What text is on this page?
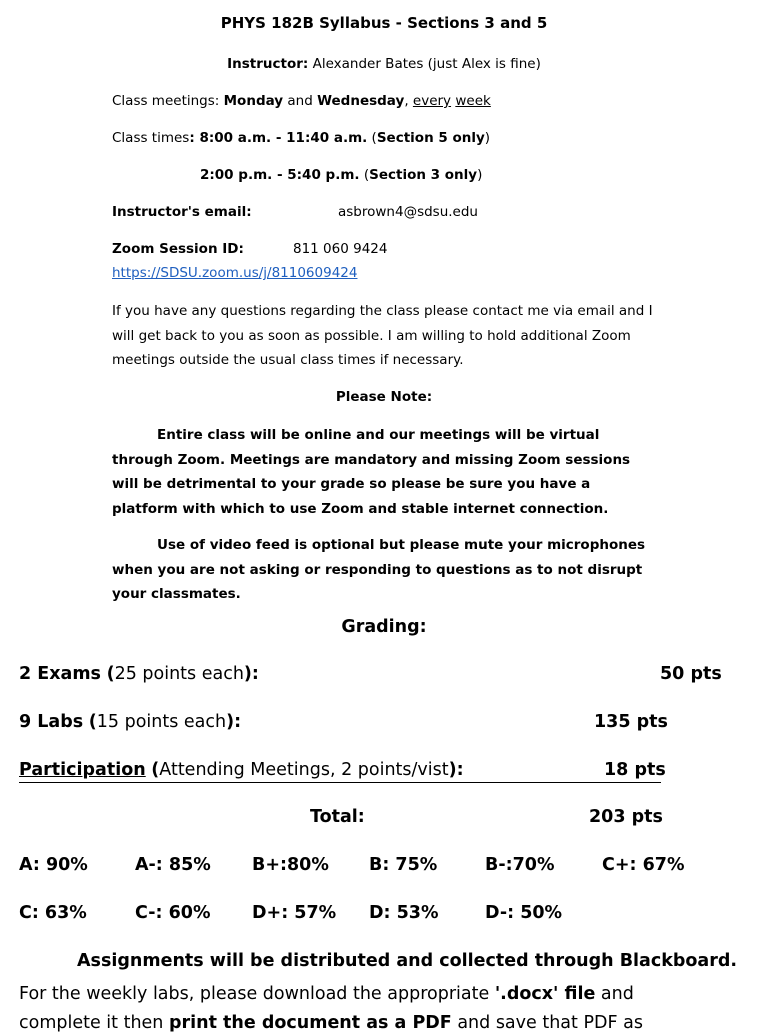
PHYS 182B Syllabus - Sections 3 and 5
Instructor: Alexander Bates (just Alex is fine)
Class meetings: Monday and Wednesday, every week
Class times: 8:00 a.m. - 11:40 a.m. (Section 5 only)
2:00 p.m. - 5:40 p.m. (Section 3 only)
Instructor's email:	asbrown4@sdsu.edu
Zoom Session ID:	811 060 9424
https://SDSU.zoom.us/j/8110609424
If you have any questions regarding the class please contact me via email and I will get back to you as soon as possible. I am willing to hold additional Zoom meetings outside the usual class times if necessary.
Please Note:
Entire class will be online and our meetings will be virtual through Zoom. Meetings are mandatory and missing Zoom sessions will be detrimental to your grade so please be sure you have a platform with which to use Zoom and stable internet connection.
Use of video feed is optional but please mute your microphones when you are not asking or responding to questions as to not disrupt your classmates.
Grading:
2 Exams (25 points each):	50 pts
9 Labs (15 points each):	135 pts
Participation (Attending Meetings, 2 points/vist):	18 pts
Total:	203 pts
A: 90%	A-: 85% B+:80% B: 75%	B-:70%	C+: 67%
C: 63%	C-: 60% D+: 57% D: 53%	D-: 50%
Assignments will be distributed and collected through Blackboard.
For the weekly labs, please download the appropriate '.docx' file and
complete it then print the document as a PDF and save that PDF as
